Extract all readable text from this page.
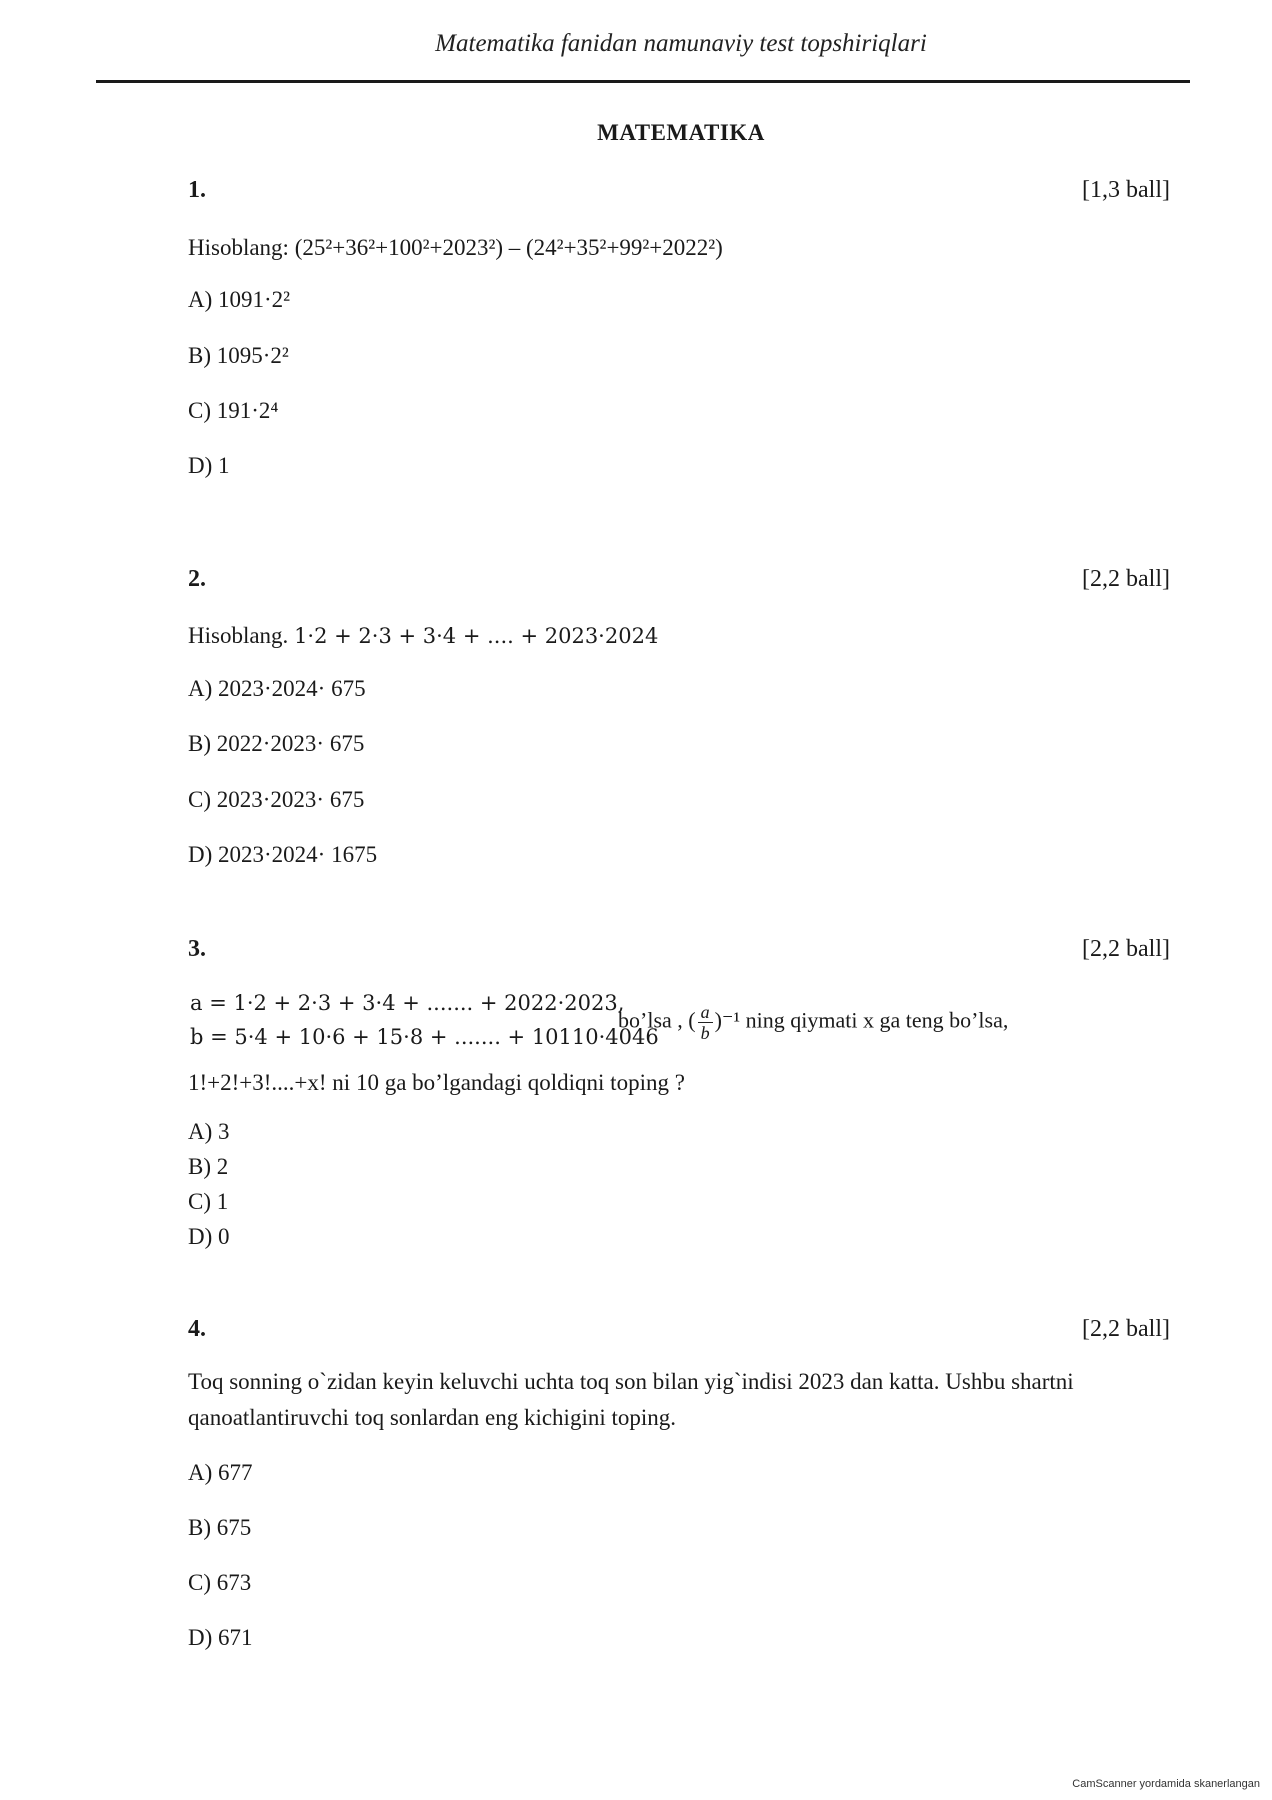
Matematika fanidan namunaviy test topshiriqlari
MATEMATIKA
1.	[1,3 ball]
Hisoblang: (25²+36²+100²+2023²) – (24²+35²+99²+2022²)
A) 1091·2²
B) 1095·2²
C) 191·2⁴
D) 1
2.	[2,2 ball]
Hisoblang. 1·2 + 2·3 + 3·4 + .... + 2023·2024
A) 2023·2024· 675
B) 2022·2023· 675
C) 2023·2023· 675
D) 2023·2024· 1675
3.	[2,2 ball]
a = 1·2 + 2·3 + 3·4 + ....... + 2022·2023,
b = 5·4 + 10·6 + 15·8 + ....... + 10110·4046
bo’lsa , ( $\frac{a}{b} )^{-1}$ ning qiymati x ga teng bo’lsa,
1!+2!+3!....+x! ni 10 ga bo’lgandagi qoldiqni toping ?
A) 3
B) 2
C) 1
D) 0
4.	[2,2 ball]
Toq sonning o`zidan keyin keluvchi uchta toq son bilan yig`indisi 2023 dan katta. Ushbu shartni qanoatlantiruvchi toq sonlardan eng kichigini toping.
A) 677
B) 675
C) 673
D) 671
CamScanner yordamida skanerlangan
